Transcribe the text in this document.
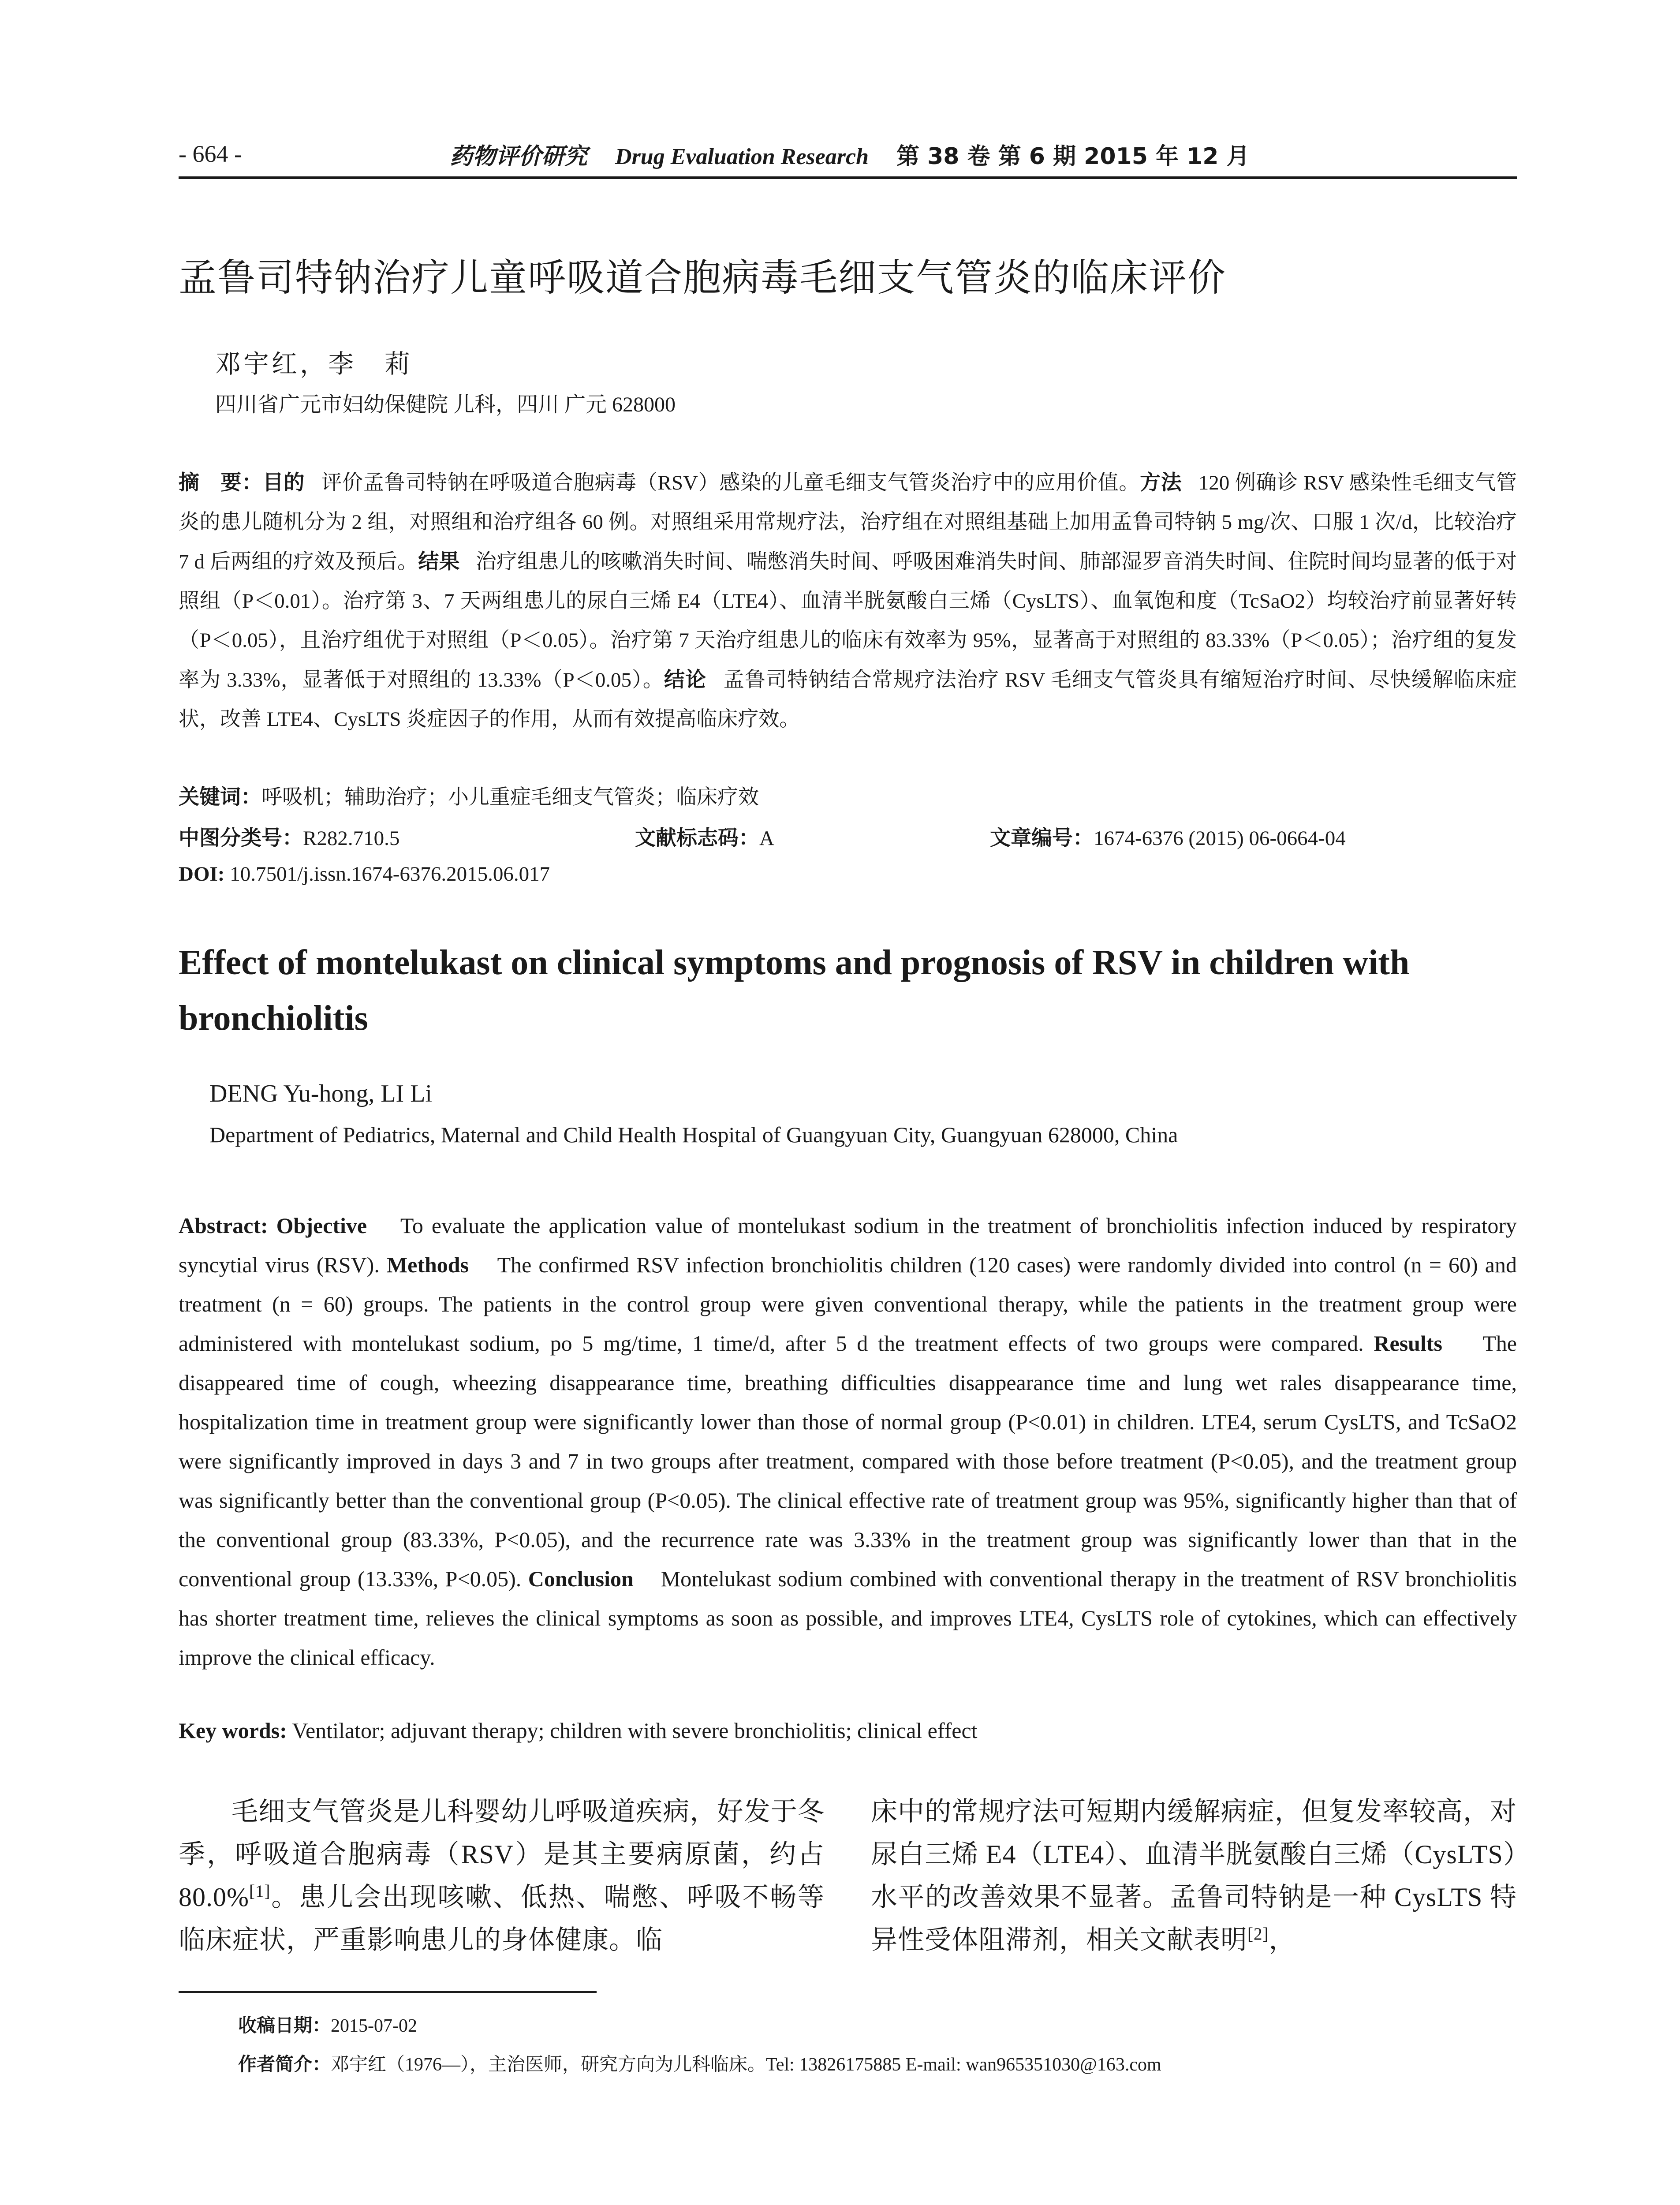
- 664 -	药物评价研究 Drug Evaluation Research 第 38 卷 第 6 期 2015 年 12 月
孟鲁司特钠治疗儿童呼吸道合胞病毒毛细支气管炎的临床评价
邓宇红，李　莉
四川省广元市妇幼保健院 儿科，四川 广元 628000
摘　要：目的 评价孟鲁司特钠在呼吸道合胞病毒（RSV）感染的儿童毛细支气管炎治疗中的应用价值。方法 120 例确诊 RSV 感染性毛细支气管炎的患儿随机分为 2 组，对照组和治疗组各 60 例。对照组采用常规疗法，治疗组在对照组基础上加用孟鲁司特钠 5 mg/次、口服 1 次/d，比较治疗 7 d 后两组的疗效及预后。结果 治疗组患儿的咳嗽消失时间、喘憋消失时间、呼吸困难消失时间、肺部湿罗音消失时间、住院时间均显著的低于对照组（P＜0.01）。治疗第 3、7 天两组患儿的尿白三烯 E4（LTE4）、血清半胱氨酸白三烯（CysLTS）、血氧饱和度（TcSaO2）均较治疗前显著好转（P＜0.05），且治疗组优于对照组（P＜0.05）。治疗第 7 天治疗组患儿的临床有效率为 95%，显著高于对照组的 83.33%（P＜0.05）；治疗组的复发率为 3.33%，显著低于对照组的 13.33%（P＜0.05）。结论 孟鲁司特钠结合常规疗法治疗 RSV 毛细支气管炎具有缩短治疗时间、尽快缓解临床症状，改善 LTE4、CysLTS 炎症因子的作用，从而有效提高临床疗效。
关键词：呼吸机；辅助治疗；小儿重症毛细支气管炎；临床疗效
中图分类号：R282.710.5	文献标志码：A	文章编号：1674-6376 (2015) 06-0664-04
DOI: 10.7501/j.issn.1674-6376.2015.06.017
Effect of montelukast on clinical symptoms and prognosis of RSV in children with bronchiolitis
DENG Yu-hong, LI Li
Department of Pediatrics, Maternal and Child Health Hospital of Guangyuan City, Guangyuan 628000, China
Abstract: Objective To evaluate the application value of montelukast sodium in the treatment of bronchiolitis infection induced by respiratory syncytial virus (RSV). Methods The confirmed RSV infection bronchiolitis children (120 cases) were randomly divided into control (n = 60) and treatment (n = 60) groups. The patients in the control group were given conventional therapy, while the patients in the treatment group were administered with montelukast sodium, po 5 mg/time, 1 time/d, after 5 d the treatment effects of two groups were compared. Results The disappeared time of cough, wheezing disappearance time, breathing difficulties disappearance time and lung wet rales disappearance time, hospitalization time in treatment group were significantly lower than those of normal group (P<0.01) in children. LTE4, serum CysLTS, and TcSaO2 were significantly improved in days 3 and 7 in two groups after treatment, compared with those before treatment (P<0.05), and the treatment group was significantly better than the conventional group (P<0.05). The clinical effective rate of treatment group was 95%, significantly higher than that of the conventional group (83.33%, P<0.05), and the recurrence rate was 3.33% in the treatment group was significantly lower than that in the conventional group (13.33%, P<0.05). Conclusion Montelukast sodium combined with conventional therapy in the treatment of RSV bronchiolitis has shorter treatment time, relieves the clinical symptoms as soon as possible, and improves LTE4, CysLTS role of cytokines, which can effectively improve the clinical efficacy.
Key words: Ventilator; adjuvant therapy; children with severe bronchiolitis; clinical effect
毛细支气管炎是儿科婴幼儿呼吸道疾病，好发于冬季，呼吸道合胞病毒（RSV）是其主要病原菌，约占 80.0%[1]。患儿会出现咳嗽、低热、喘憋、呼吸不畅等临床症状，严重影响患儿的身体健康。临
床中的常规疗法可短期内缓解病症，但复发率较高，对尿白三烯 E4（LTE4）、血清半胱氨酸白三烯（CysLTS）水平的改善效果不显著。孟鲁司特钠是一种 CysLTS 特异性受体阻滞剂，相关文献表明[2]，
收稿日期：2015-07-02
作者简介：邓宇红（1976—），主治医师，研究方向为儿科临床。Tel: 13826175885 E-mail: wan965351030@163.com
